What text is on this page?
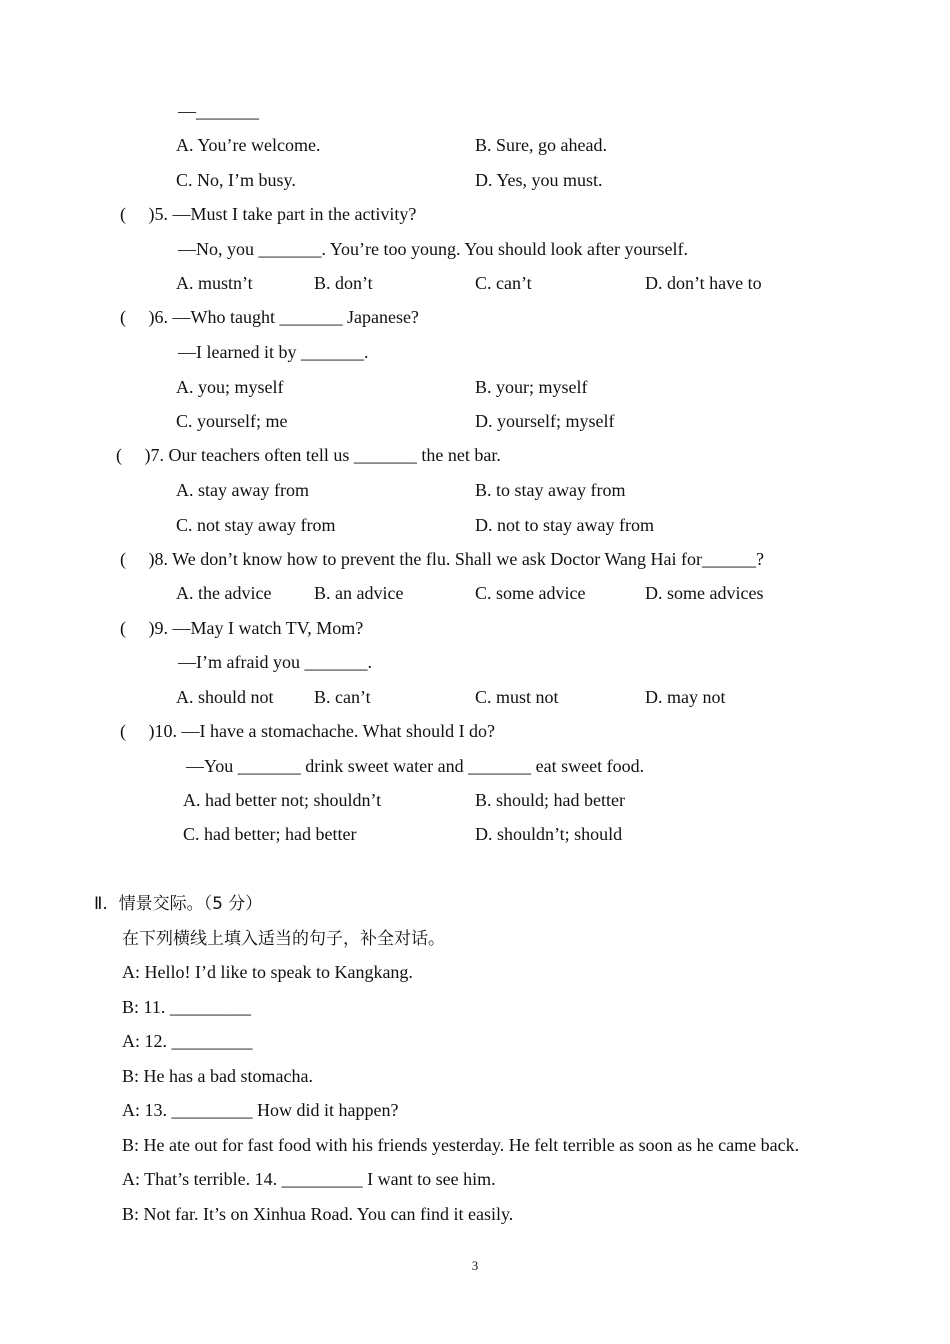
—_______
A. You’re welcome.	B. Sure, go ahead.
C. No, I’m busy.	D. Yes, you must.
(     )5. —Must I take part in the activity?
—No, you _______. You’re too young. You should look after yourself.
A. mustn’t	B. don’t	C. can’t	D. don’t have to
(     )6. —Who taught _______ Japanese?
—I learned it by _______.
A. you; myself	B. your; myself
C. yourself; me	D. yourself; myself
(     )7. Our teachers often tell us _______ the net bar.
A. stay away from	B. to stay away from
C. not stay away from	D. not to stay away from
(     )8. We don’t know how to prevent the flu. Shall we ask Doctor Wang Hai for______?
A. the advice B. an advice	C. some advice	D. some advices
(     )9. —May I watch TV, Mom?
—I’m afraid you _______.
A. should not B. can’t	C. must not	D. may not
(     )10. —I have a stomachache. What should I do?
—You _______ drink sweet water and _______ eat sweet food.
A. had better not; shouldn’t	B. should; had better
C. had better; had better	D. shouldn’t; should
Ⅱ.  情景交际。（5 分）
在下列横线上填入适当的句子，补全对话。
A: Hello! I’d like to speak to Kangkang.
B: 11. _________
A: 12. _________
B: He has a bad stomacha.
A: 13. _________ How did it happen?
B: He ate out for fast food with his friends yesterday. He felt terrible as soon as he came back.
A: That’s terrible. 14. _________ I want to see him.
B: Not far. It’s on Xinhua Road. You can find it easily.
3
